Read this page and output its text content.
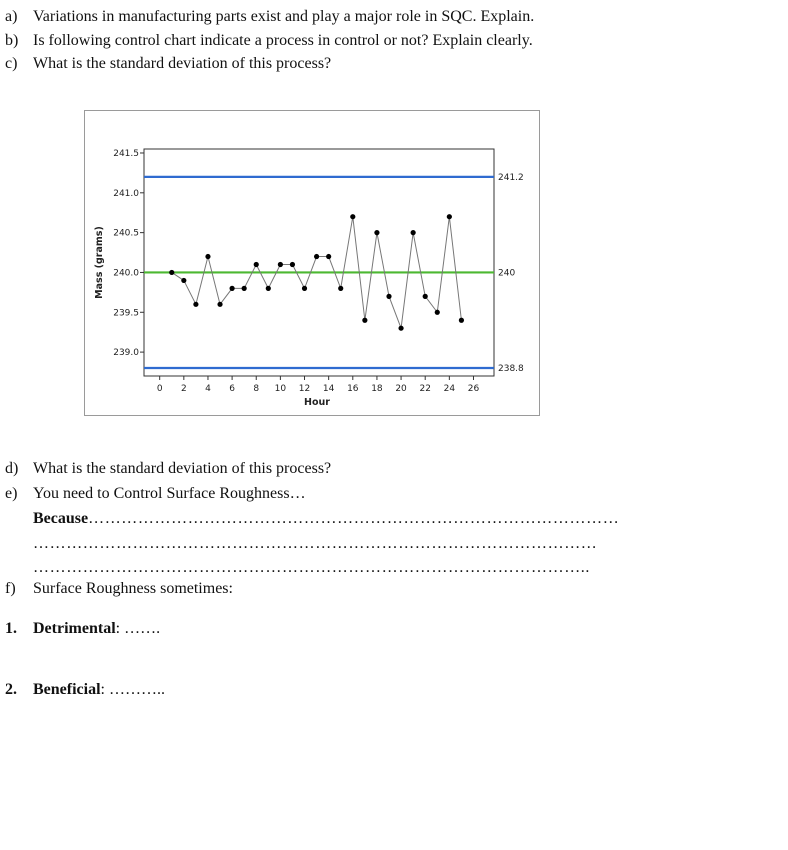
a) Variations in manufacturing parts exist and play a major role in SQC. Explain.
b) Is following control chart indicate a process in control or not? Explain clearly.
c) What is the standard deviation of this process?
239.0
239.5
240.0
240.5
241.0
241.5
0 2 4 6 8 10 12 14 16 18 20 22 24 26
Hour
Mass (grams)
241.2
240
238.8
d) What is the standard deviation of this process?
e) You need to Control Surface Roughness…
Because……………………………………………………………………………………
…………………………………………………………………………………………
………………………………………………………………………………………..
f) Surface Roughness sometimes:
1. Detrimental: …….
2. Beneficial: ………..
